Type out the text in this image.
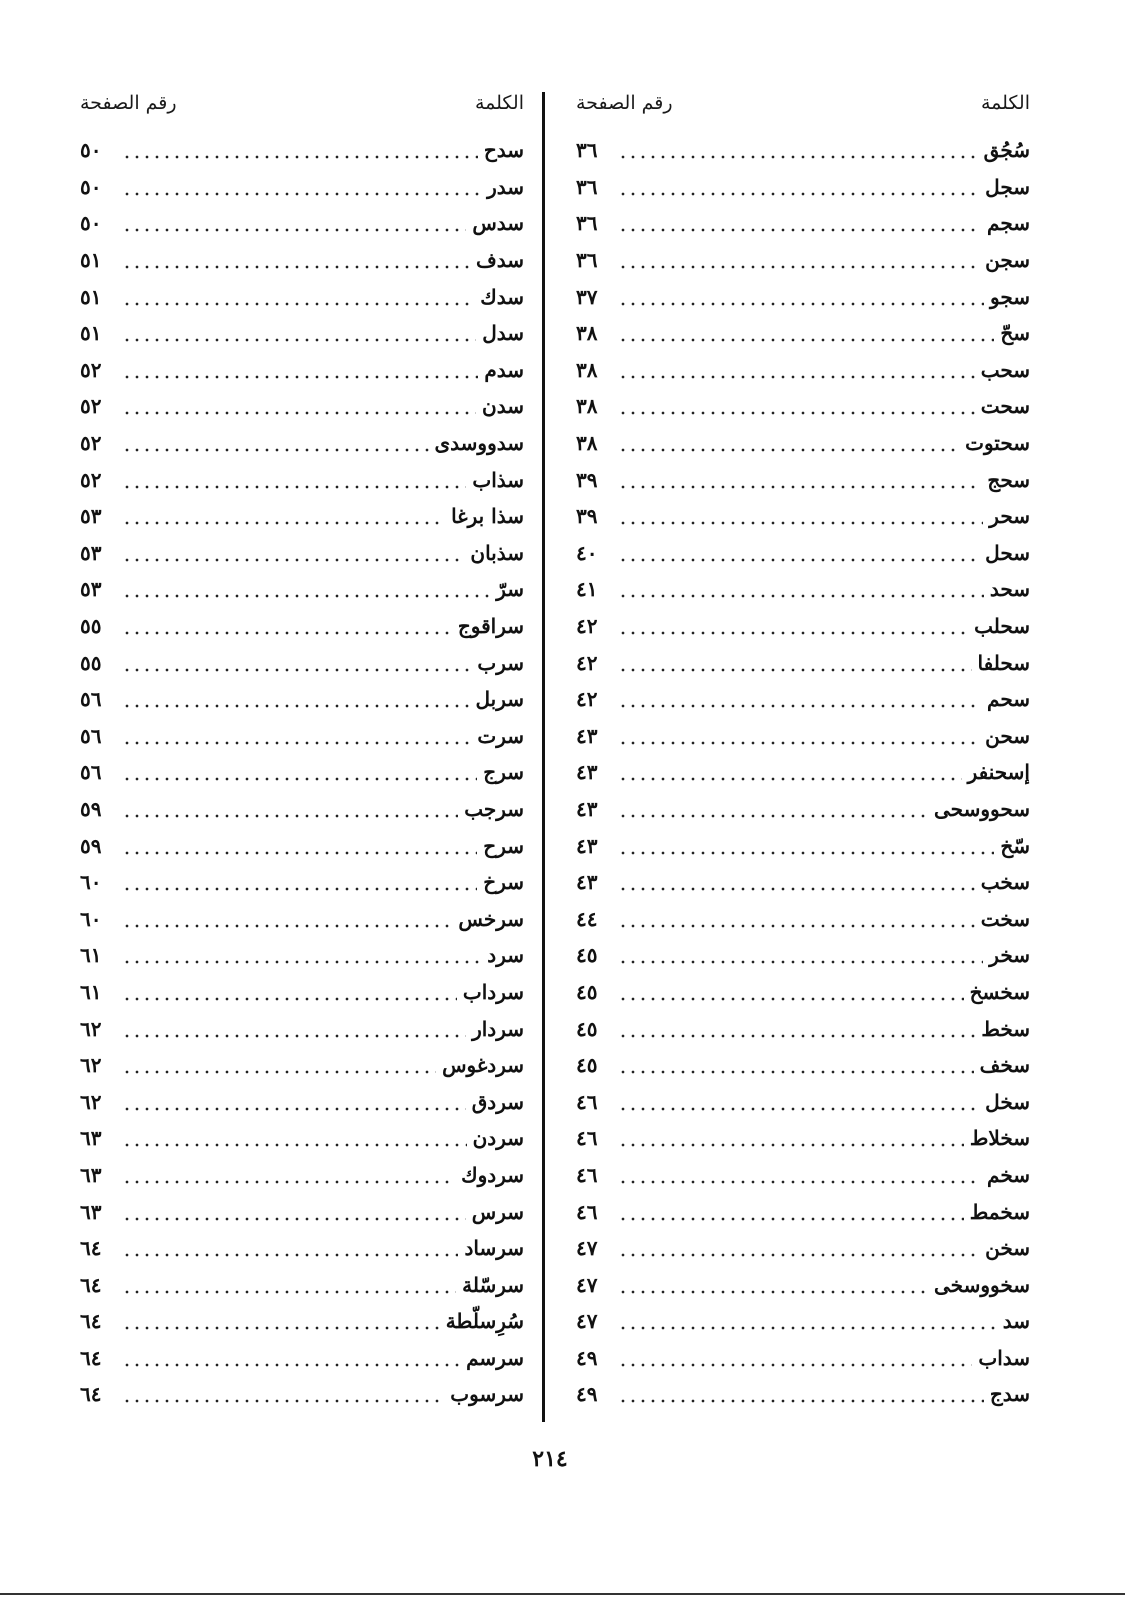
الكلمة
رقم الصفحة
سُجُق
٣٦
سجل
٣٦
سجم
٣٦
سجن
٣٦
سجو
٣٧
سحّ
٣٨
سحب
٣٨
سحت
٣٨
سحتوت
٣٨
سحج
٣٩
سحر
٣٩
سحل
٤٠
سحد
٤١
سحلب
٤٢
سحلفا
٤٢
سحم
٤٢
سحن
٤٣
إسحنفر
٤٣
سحووسحى
٤٣
سّخ
٤٣
سخب
٤٣
سخت
٤٤
سخر
٤٥
سخسخ
٤٥
سخط
٤٥
سخف
٤٥
سخل
٤٦
سخلاط
٤٦
سخم
٤٦
سخمط
٤٦
سخن
٤٧
سخووسخى
٤٧
سد
٤٧
سداب
٤٩
سدج
٤٩
الكلمة
رقم الصفحة
سدح
٥٠
سدر
٥٠
سدس
٥٠
سدف
٥١
سدك
٥١
سدل
٥١
سدم
٥٢
سدن
٥٢
سدووسدى
٥٢
سذاب
٥٢
سذا برغا
٥٣
سذبان
٥٣
سرّ
٥٣
سراقوج
٥٥
سرب
٥٥
سربل
٥٦
سرت
٥٦
سرج
٥٦
سرجب
٥٩
سرح
٥٩
سرخ
٦٠
سرخس
٦٠
سرد
٦١
سرداب
٦١
سردار
٦٢
سردغوس
٦٢
سردق
٦٢
سردن
٦٣
سردوك
٦٣
سرس
٦٣
سرساد
٦٤
سرسّلة
٦٤
سُرِسلّطة
٦٤
سرسم
٦٤
سرسوب
٦٤
٢١٤
